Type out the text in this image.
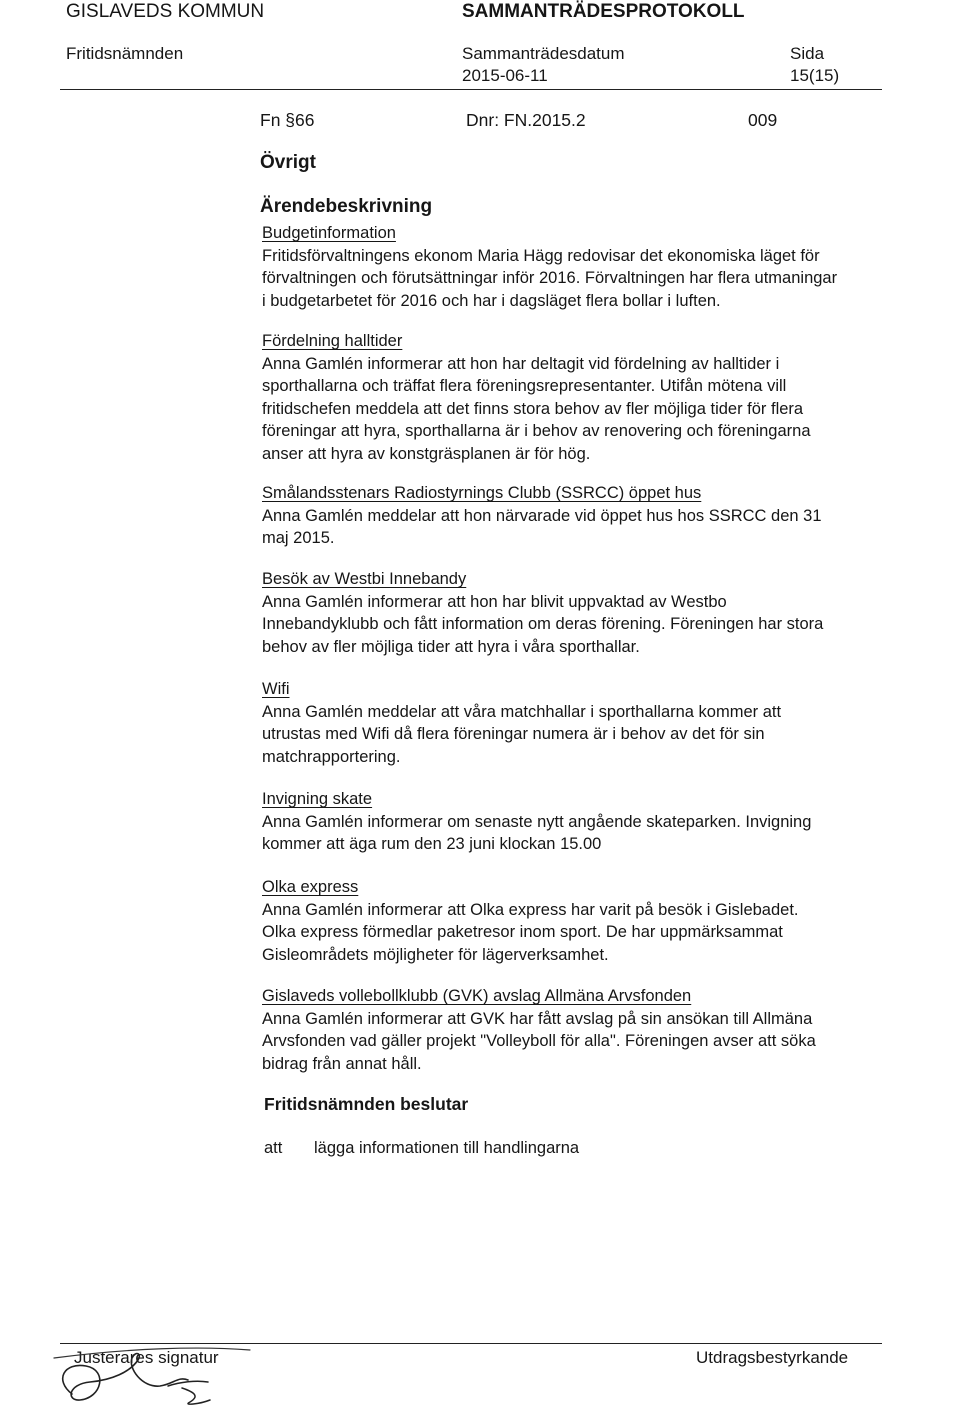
GISLAVEDS KOMMUN	SAMMANTRÄDESPROTOKOLL
Fritidsnämnden	Sammanträdesdatum
2015-06-11
Sida
15(15)
Fn §66	Dnr: FN.2015.2	009
Övrigt
Ärendebeskrivning
Budgetinformation
Fritidsförvaltningens ekonom Maria Hägg redovisar det ekonomiska läget för
förvaltningen och förutsättningar inför 2016. Förvaltningen har flera utmaningar
i budgetarbetet för 2016 och har i dagsläget flera bollar i luften.
Fördelning halltider
Anna Gamlén informerar att hon har deltagit vid fördelning av halltider i
sporthallarna och träffat flera föreningsrepresentanter. Utifån mötena vill
fritidschefen meddela att det finns stora behov av fler möjliga tider för flera
föreningar att hyra, sporthallarna är i behov av renovering och föreningarna
anser att hyra av konstgräsplanen är för hög.
Smålandsstenars Radiostyrnings Clubb (SSRCC) öppet hus
Anna Gamlén meddelar att hon närvarade vid öppet hus hos SSRCC den 31
maj 2015.
Besök av Westbi Innebandy
Anna Gamlén informerar att hon har blivit uppvaktad av Westbo
Innebandyklubb och fått information om deras förening. Föreningen har stora
behov av fler möjliga tider att hyra i våra sporthallar.
Wifi
Anna Gamlén meddelar att våra matchhallar i sporthallarna kommer att
utrustas med Wifi då flera föreningar numera är i behov av det för sin
matchrapportering.
Invigning skate
Anna Gamlén informerar om senaste nytt angående skateparken. Invigning
kommer att äga rum den 23 juni klockan 15.00
Olka express
Anna Gamlén informerar att Olka express har varit på besök i Gislebadet.
Olka express förmedlar paketresor inom sport. De har uppmärksammat
Gisleområdets möjligheter för lägerverksamhet.
Gislaveds vollebollklubb (GVK) avslag Allmäna Arvsfonden
Anna Gamlén informerar att GVK har fått avslag på sin ansökan till Allmäna
Arvsfonden vad gäller projekt "Volleyboll för alla". Föreningen avser att söka
bidrag från annat håll.
Fritidsnämnden beslutar
att lägga informationen till handlingarna
Justerares signatur	Utdragsbestyrkande
